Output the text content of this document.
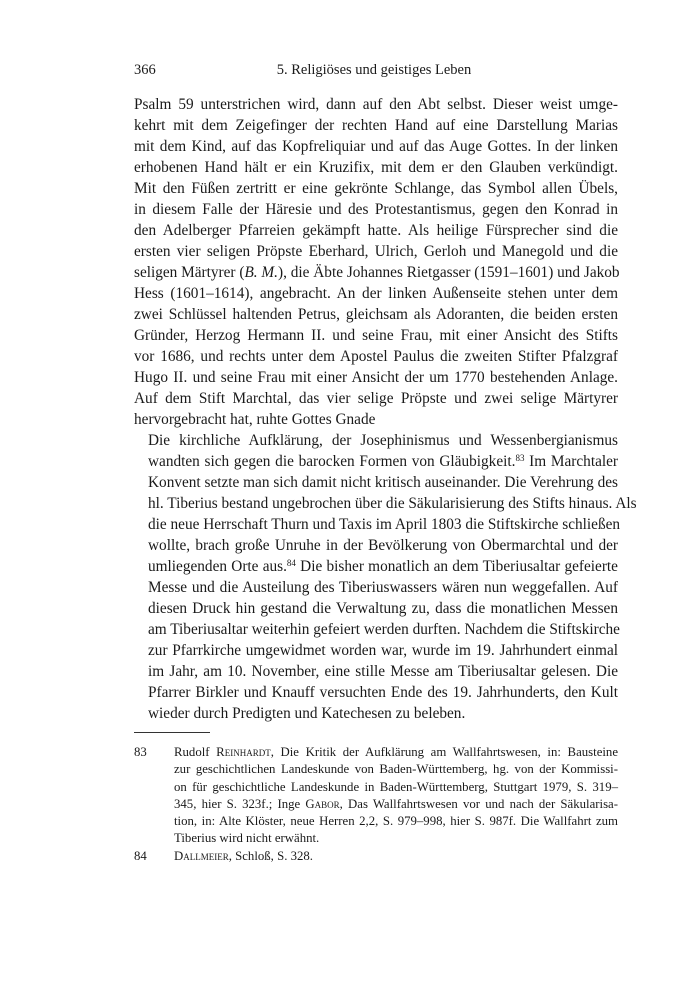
366	5. Religiöses und geistiges Leben

Psalm 59 unterstrichen wird, dann auf den Abt selbst. Dieser weist umge-
kehrt mit dem Zeigefinger der rechten Hand auf eine Darstellung Marias
mit dem Kind, auf das Kopfreliquiar und auf das Auge Gottes. In der linken
erhobenen Hand hält er ein Kruzifix, mit dem er den Glauben verkündigt.
Mit den Füßen zertritt er eine gekrönte Schlange, das Symbol allen Übels,
in diesem Falle der Häresie und des Protestantismus, gegen den Konrad in
den Adelberger Pfarreien gekämpft hatte. Als heilige Fürsprecher sind die
ersten vier seligen Pröpste Eberhard, Ulrich, Gerloh und Manegold und die
seligen Märtyrer (B. M.), die Äbte Johannes Rietgasser (1591–1601) und Jakob
Hess (1601–1614), angebracht. An der linken Außenseite stehen unter dem
zwei Schlüssel haltenden Petrus, gleichsam als Adoranten, die beiden ersten
Gründer, Herzog Hermann II. und seine Frau, mit einer Ansicht des Stifts
vor 1686, und rechts unter dem Apostel Paulus die zweiten Stifter Pfalzgraf
Hugo II. und seine Frau mit einer Ansicht der um 1770 bestehenden Anlage.
Auf dem Stift Marchtal, das vier selige Pröpste und zwei selige Märtyrer
hervorgebracht hat, ruhte Gottes Gnade

Die kirchliche Aufklärung, der Josephinismus und Wessenbergianismus
wandten sich gegen die barocken Formen von Gläubigkeit.$^{83}$ Im Marchtaler
Konvent setzte man sich damit nicht kritisch auseinander. Die Verehrung des
hl. Tiberius bestand ungebrochen über die Säkularisierung des Stifts hinaus. Als
die neue Herrschaft Thurn und Taxis im April 1803 die Stiftskirche schließen
wollte, brach große Unruhe in der Bevölkerung von Obermarchtal und der
umliegenden Orte aus.$^{84}$ Die bisher monatlich an dem Tiberiusaltar gefeierte
Messe und die Austeilung des Tiberiuswassers wären nun weggefallen. Auf
diesen Druck hin gestand die Verwaltung zu, dass die monatlichen Messen
am Tiberiusaltar weiterhin gefeiert werden durften. Nachdem die Stiftskirche
zur Pfarrkirche umgewidmet worden war, wurde im 19. Jahrhundert einmal
im Jahr, am 10. November, eine stille Messe am Tiberiusaltar gelesen. Die
Pfarrer Birkler und Knauff versuchten Ende des 19. Jahrhunderts, den Kult
wieder durch Predigten und Katechesen zu beleben.

83 Rudolf Reinhardt, Die Kritik der Aufklärung am Wallfahrtswesen, in: Bausteine
zur geschichtlichen Landeskunde von Baden-Württemberg, hg. von der Kommissi-
on für geschichtliche Landeskunde in Baden-Württemberg, Stuttgart 1979, S. 319–
345, hier S. 323f.; Inge Gabor, Das Wallfahrtswesen vor und nach der Säkularisa-
tion, in: Alte Klöster, neue Herren 2,2, S. 979–998, hier S. 987f. Die Wallfahrt zum
Tiberius wird nicht erwähnt.
84 Dallmeier, Schloß, S. 328.
